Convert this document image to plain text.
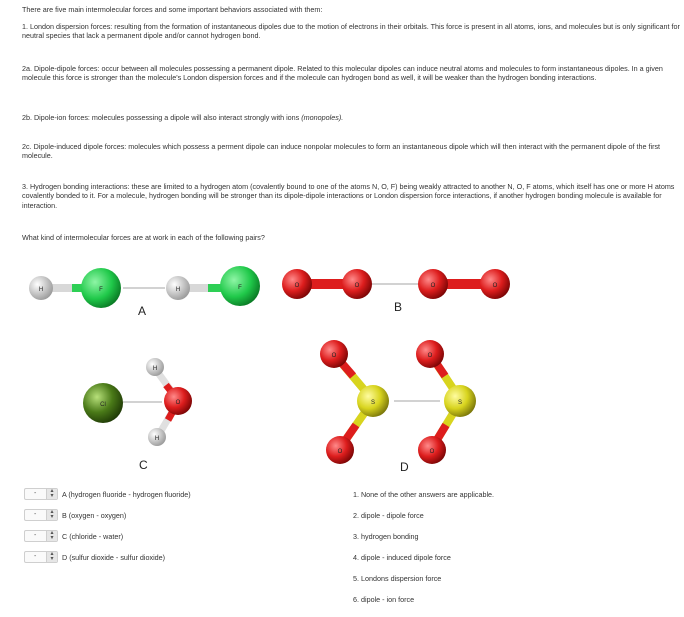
There are five main intermolecular forces and some important behaviors associated with them:

1. London dispersion forces: resulting from the formation of instantaneous dipoles due to the motion of electrons in their orbitals. This force is present in all atoms, ions, and molecules but is only significant for neutral species that lack a permanent dipole and/or cannot hydrogen bond.

2a. Dipole-dipole forces: occur between all molecules possessing a permanent dipole. Related to this molecular dipoles can induce neutral atoms and molecules to form instantaneous dipoles. In a given molecule this force is stronger than the molecule's London dispersion forces and if the molecule can hydrogen bond as well, it will be weaker than the hydrogen bonding interactions.

2b. Dipole-ion forces: molecules possessing a dipole will also interact strongly with ions (monopoles).

2c. Dipole-induced dipole forces: molecules which possess a perment dipole can induce nonpolar molecules to form an instantaneous dipole which will then interact with the permanent dipole of the first molecule.

3. Hydrogen bonding interactions: these are limited to a hydrogen atom (covalently bound to one of the atoms N, O, F) being weakly attracted to another N, O, F atoms, which itself has one or more H atoms covalently bonded to it. For a molecule, hydrogen bonding will be stronger than its dipole-dipole interactions or London dispersion force interactions, if another hydrogen bonding molecule is available for interaction.

What kind of intermolecular forces are at work in each of the following pairs?

H	F	H	F	O	O	O	O
Cl
H
O
H
O
S
O
O
S
O
A	B
C	D
-	▴
▾	A (hydrogen fluoride - hydrogen fluoride)
-	▴
▾	B (oxygen - oxygen)
-	▴
▾	C (chloride - water)
-	▴
▾	D (sulfur dioxide - sulfur dioxide)
1. None of the other answers are applicable.
2. dipole - dipole force
3. hydrogen bonding
4. dipole - induced dipole force
5. Londons dispersion force
6. dipole - ion force
